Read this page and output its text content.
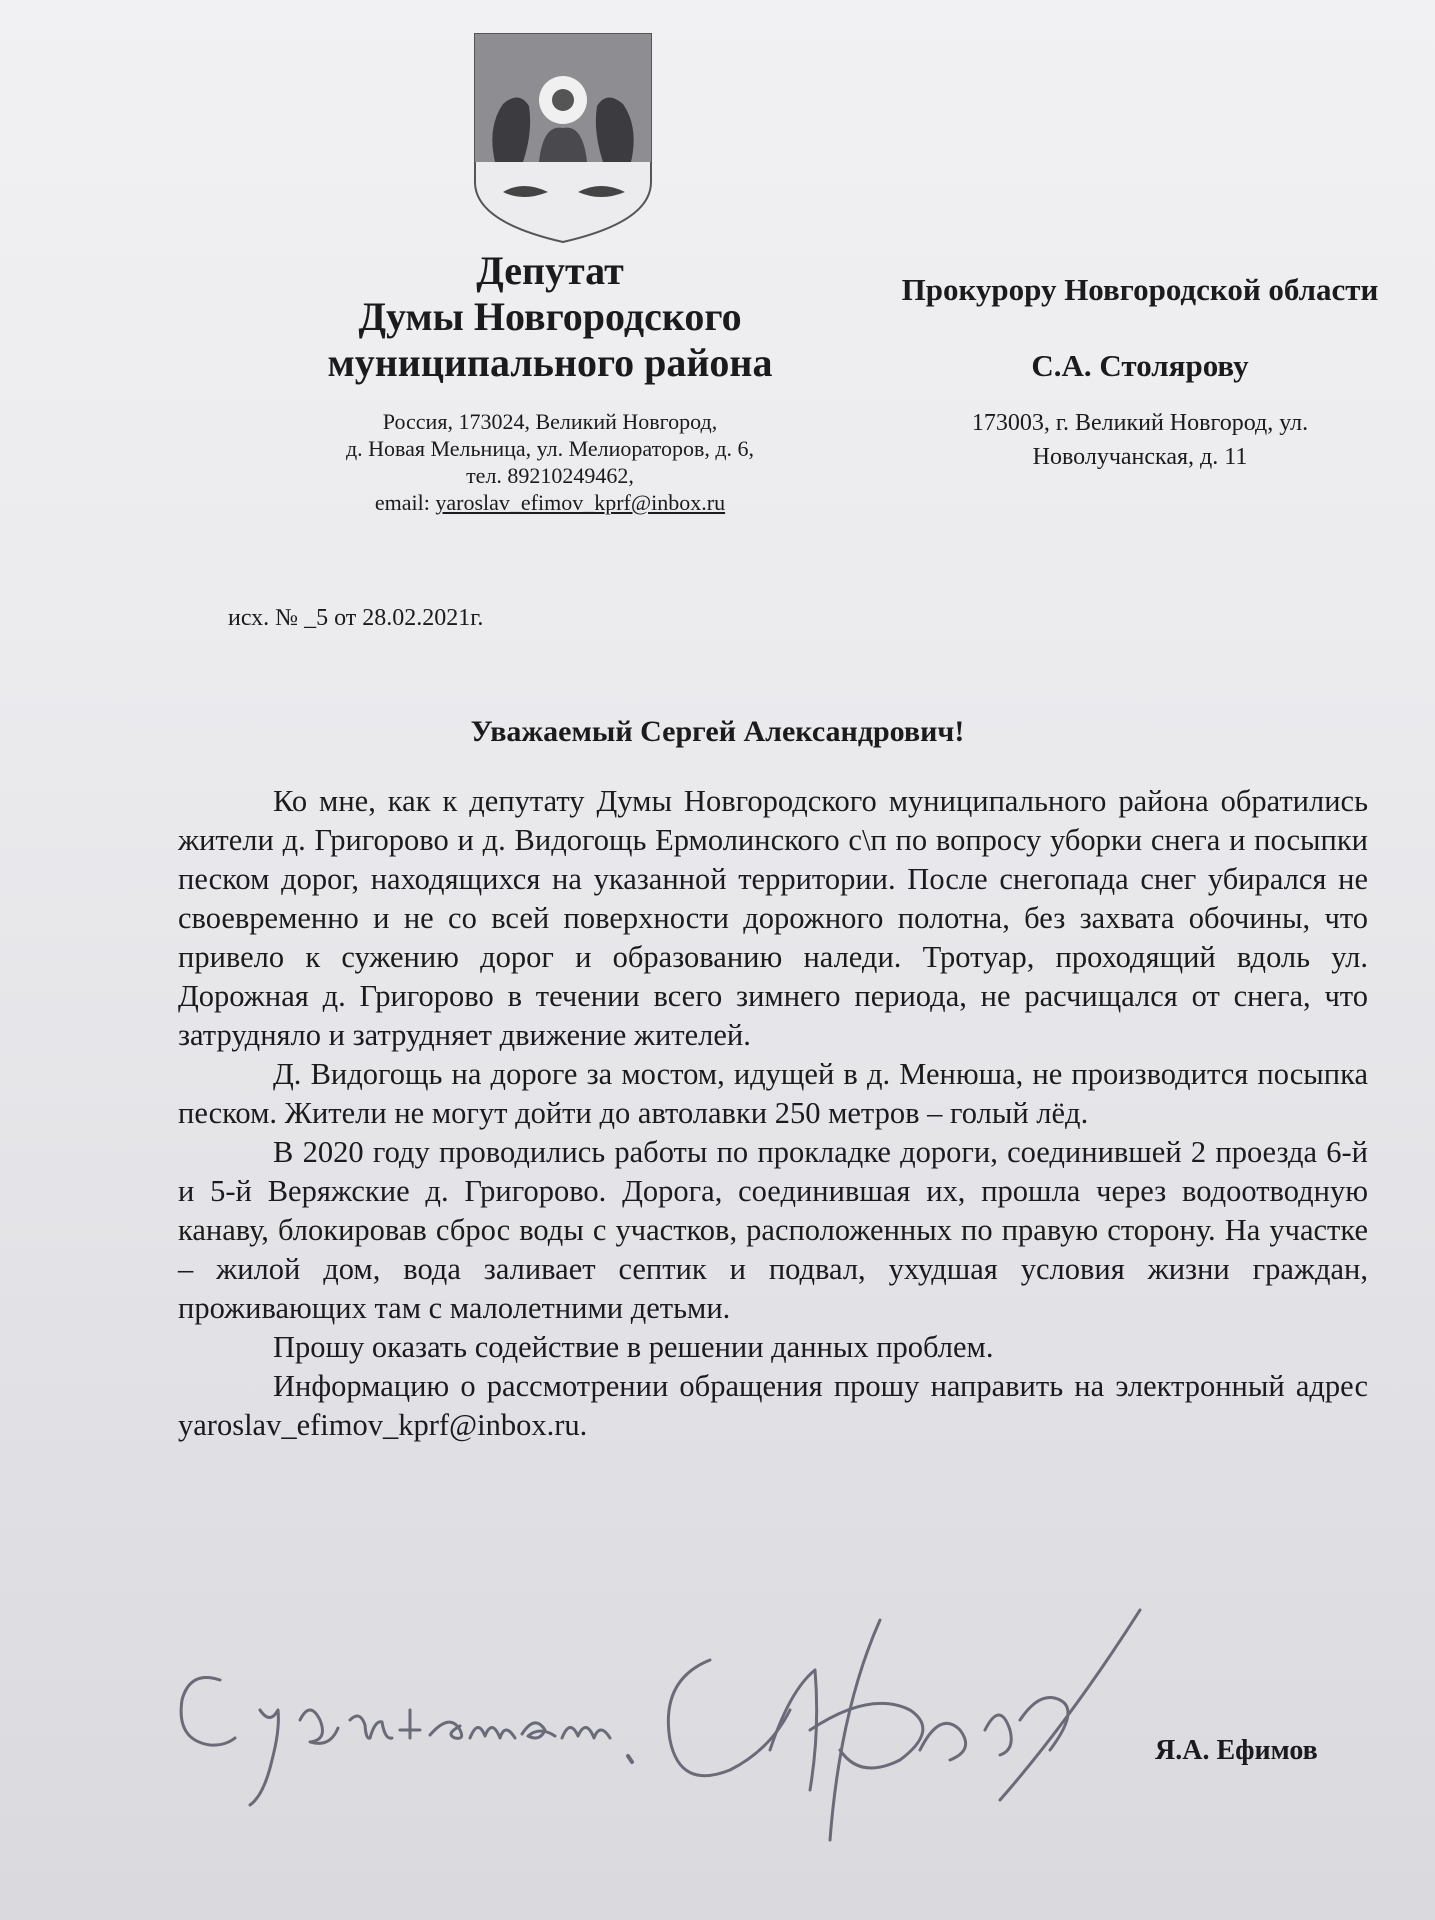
Депутат
Думы Новгородского
муниципального района
Россия, 173024, Великий Новгород,
д. Новая Мельница, ул. Мелиораторов, д. 6,
тел. 89210249462,
email: yaroslav_efimov_kprf@inbox.ru
Прокурору Новгородской области
С.А. Столярову
173003, г. Великий Новгород, ул.
Новолучанская, д. 11
исх. № _5 от 28.02.2021г.
Уважаемый Сергей Александрович!

Ко мне, как к депутату Думы Новгородского муниципального района обратились жители д. Григорово и д. Видогощь Ермолинского с\п по вопросу уборки снега и посыпки песком дорог, находящихся на указанной территории. После снегопада снег убирался не своевременно и не со всей поверхности дорожного полотна, без захвата обочины, что привело к сужению дорог и образованию наледи. Тротуар, проходящий вдоль ул. Дорожная д. Григорово в течении всего зимнего периода, не расчищался от снега, что затрудняло и затрудняет движение жителей.

Д. Видогощь на дороге за мостом, идущей в д. Менюша, не производится посыпка песком. Жители не могут дойти до автолавки 250 метров – голый лёд.

В 2020 году проводились работы по прокладке дороги, соединившей 2 проезда 6-й и 5-й Веряжские д. Григорово. Дорога, соединившая их, прошла через водоотводную канаву, блокировав сброс воды с участков, расположенных по правую сторону. На участке – жилой дом, вода заливает септик и подвал, ухудшая условия жизни граждан, проживающих там с малолетними детьми.

Прошу оказать содействие в решении данных проблем.

Информацию о рассмотрении обращения прошу направить на электронный адрес yaroslav_efimov_kprf@inbox.ru.

Я.А. Ефимов
